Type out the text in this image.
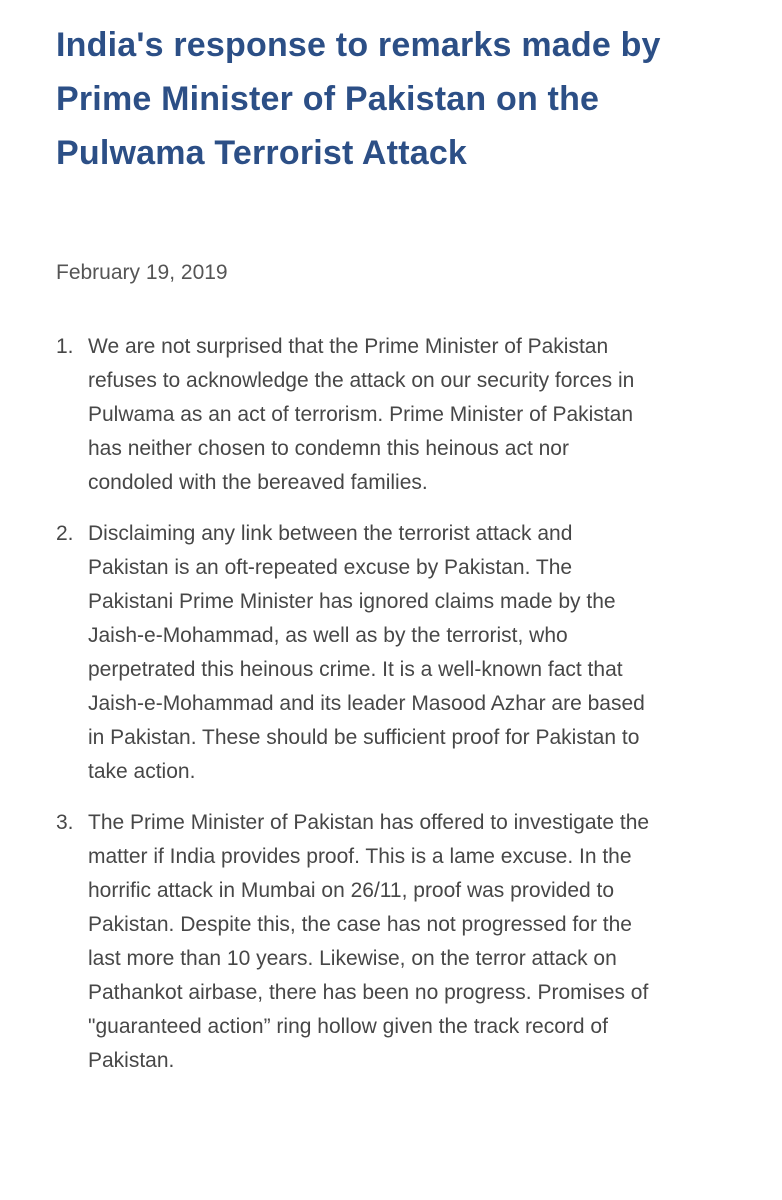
India's response to remarks made by Prime Minister of Pakistan on the Pulwama Terrorist Attack

February 19, 2019

1. We are not surprised that the Prime Minister of Pakistan refuses to acknowledge the attack on our security forces in Pulwama as an act of terrorism. Prime Minister of Pakistan has neither chosen to condemn this heinous act nor condoled with the bereaved families.
2. Disclaiming any link between the terrorist attack and Pakistan is an oft-repeated excuse by Pakistan. The Pakistani Prime Minister has ignored claims made by the Jaish-e-Mohammad, as well as by the terrorist, who perpetrated this heinous crime. It is a well-known fact that Jaish-e-Mohammad and its leader Masood Azhar are based in Pakistan. These should be sufficient proof for Pakistan to take action.
3. The Prime Minister of Pakistan has offered to investigate the matter if India provides proof. This is a lame excuse. In the horrific attack in Mumbai on 26/11, proof was provided to Pakistan. Despite this, the case has not progressed for the last more than 10 years. Likewise, on the terror attack on Pathankot airbase, there has been no progress. Promises of "guaranteed action” ring hollow given the track record of Pakistan.
